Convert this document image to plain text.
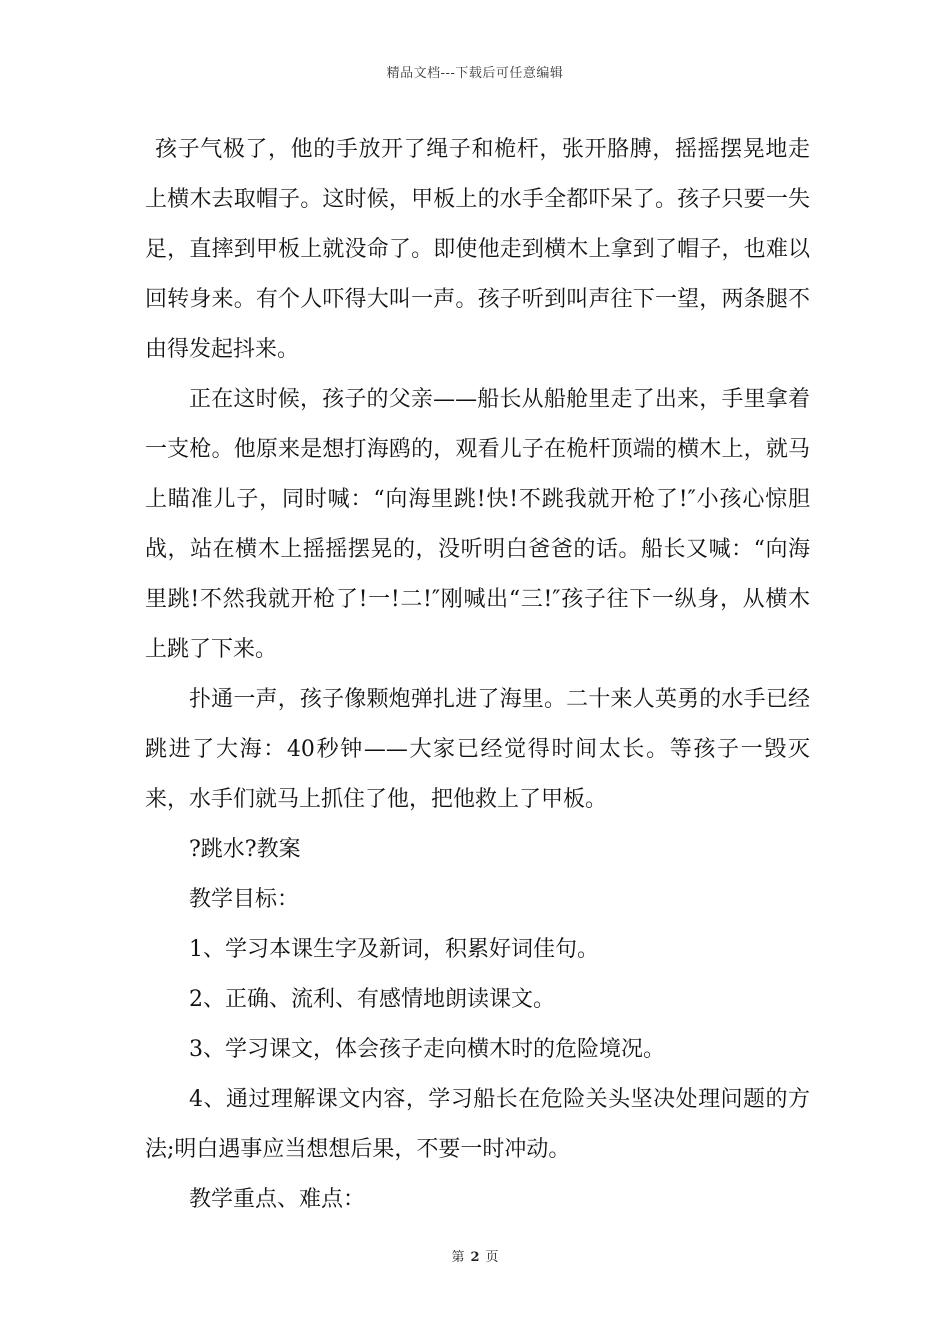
精品文档---下载后可任意编辑

孩子气极了，他的手放开了绳子和桅杆，张开胳膊，摇摇摆晃地走上横木去取帽子。这时候，甲板上的水手全都吓呆了。孩子只要一失足，直摔到甲板上就没命了。即使他走到横木上拿到了帽子，也难以回转身来。有个人吓得大叫一声。孩子听到叫声往下一望，两条腿不由得发起抖来。

正在这时候，孩子的父亲——船长从船舱里走了出来，手里拿着一支枪。他原来是想打海鸥的，观看儿子在桅杆顶端的横木上，就马上瞄准儿子，同时喊：“向海里跳!快!不跳我就开枪了!″小孩心惊胆战，站在横木上摇摇摆晃的，没听明白爸爸的话。船长又喊：“向海里跳!不然我就开枪了!一!二!″刚喊出“三!″孩子往下一纵身，从横木上跳了下来。

扑通一声，孩子像颗炮弹扎进了海里。二十来人英勇的水手已经跳进了大海：40秒钟——大家已经觉得时间太长。等孩子一毁灭来，水手们就马上抓住了他，把他救上了甲板。

?跳水?教案

教学目标：

1、学习本课生字及新词，积累好词佳句。

2、正确、流利、有感情地朗读课文。

3、学习课文，体会孩子走向横木时的危险境况。

4、通过理解课文内容，学习船长在危险关头坚决处理问题的方法;明白遇事应当想想后果，不要一时冲动。

教学重点、难点：

第 2 页
